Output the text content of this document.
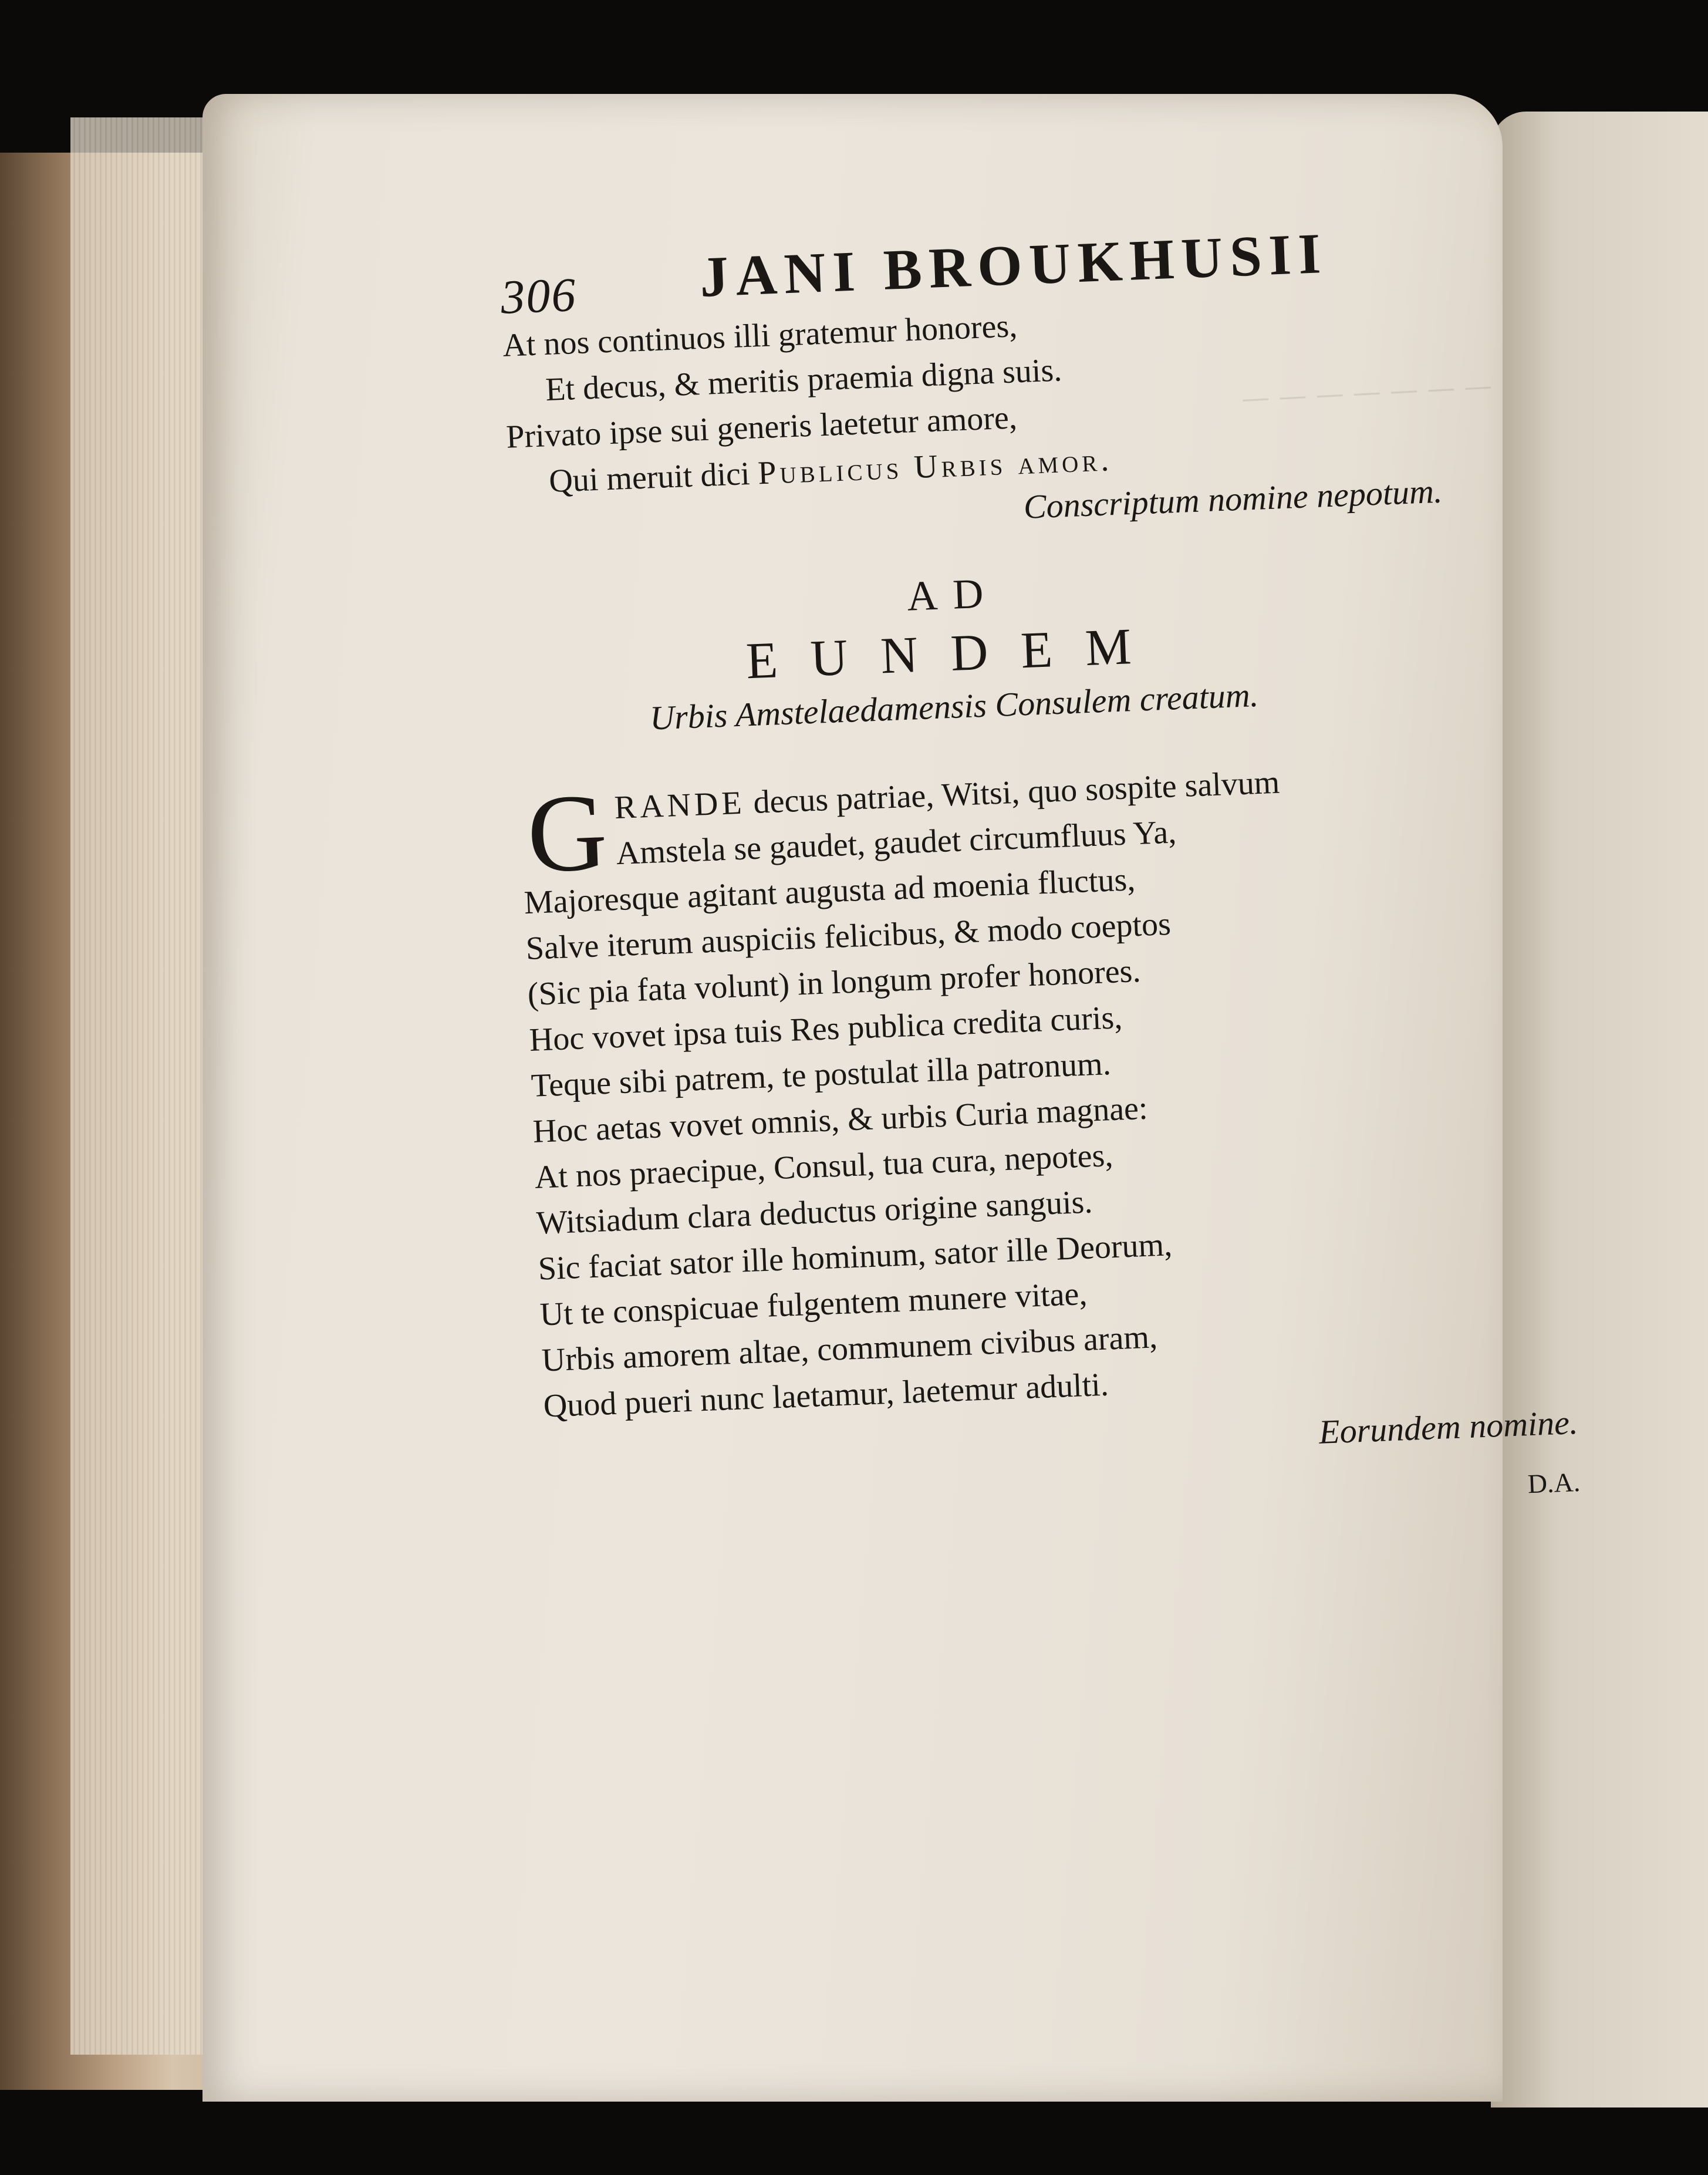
— — — — — — —
306 JANI BROUKHUSII
At nos continuos illi gratemur honores,
Et decus, & meritis praemia digna suis.
Privato ipse sui generis laetetur amore,
Qui meruit dici Publicus Urbis amor.
Conscriptum nomine nepotum.
AD
EUNDEM
Urbis Amstelaedamensis Consulem creatum.
G RANDE decus patriae, Witsi, quo sospite salvum
Amstela se gaudet, gaudet circumfluus Ya,
Majoresque agitant augusta ad moenia fluctus,
Salve iterum auspiciis felicibus, & modo coeptos
(Sic pia fata volunt) in longum profer honores.
Hoc vovet ipsa tuis Res publica credita curis,
Teque sibi patrem, te postulat illa patronum.
Hoc aetas vovet omnis, & urbis Curia magnae:
At nos praecipue, Consul, tua cura, nepotes,
Witsiadum clara deductus origine sanguis.
Sic faciat sator ille hominum, sator ille Deorum,
Ut te conspicuae fulgentem munere vitae,
Urbis amorem altae, communem civibus aram,
Quod pueri nunc laetamur, laetemur adulti.
Eorundem nomine.
D.A.
